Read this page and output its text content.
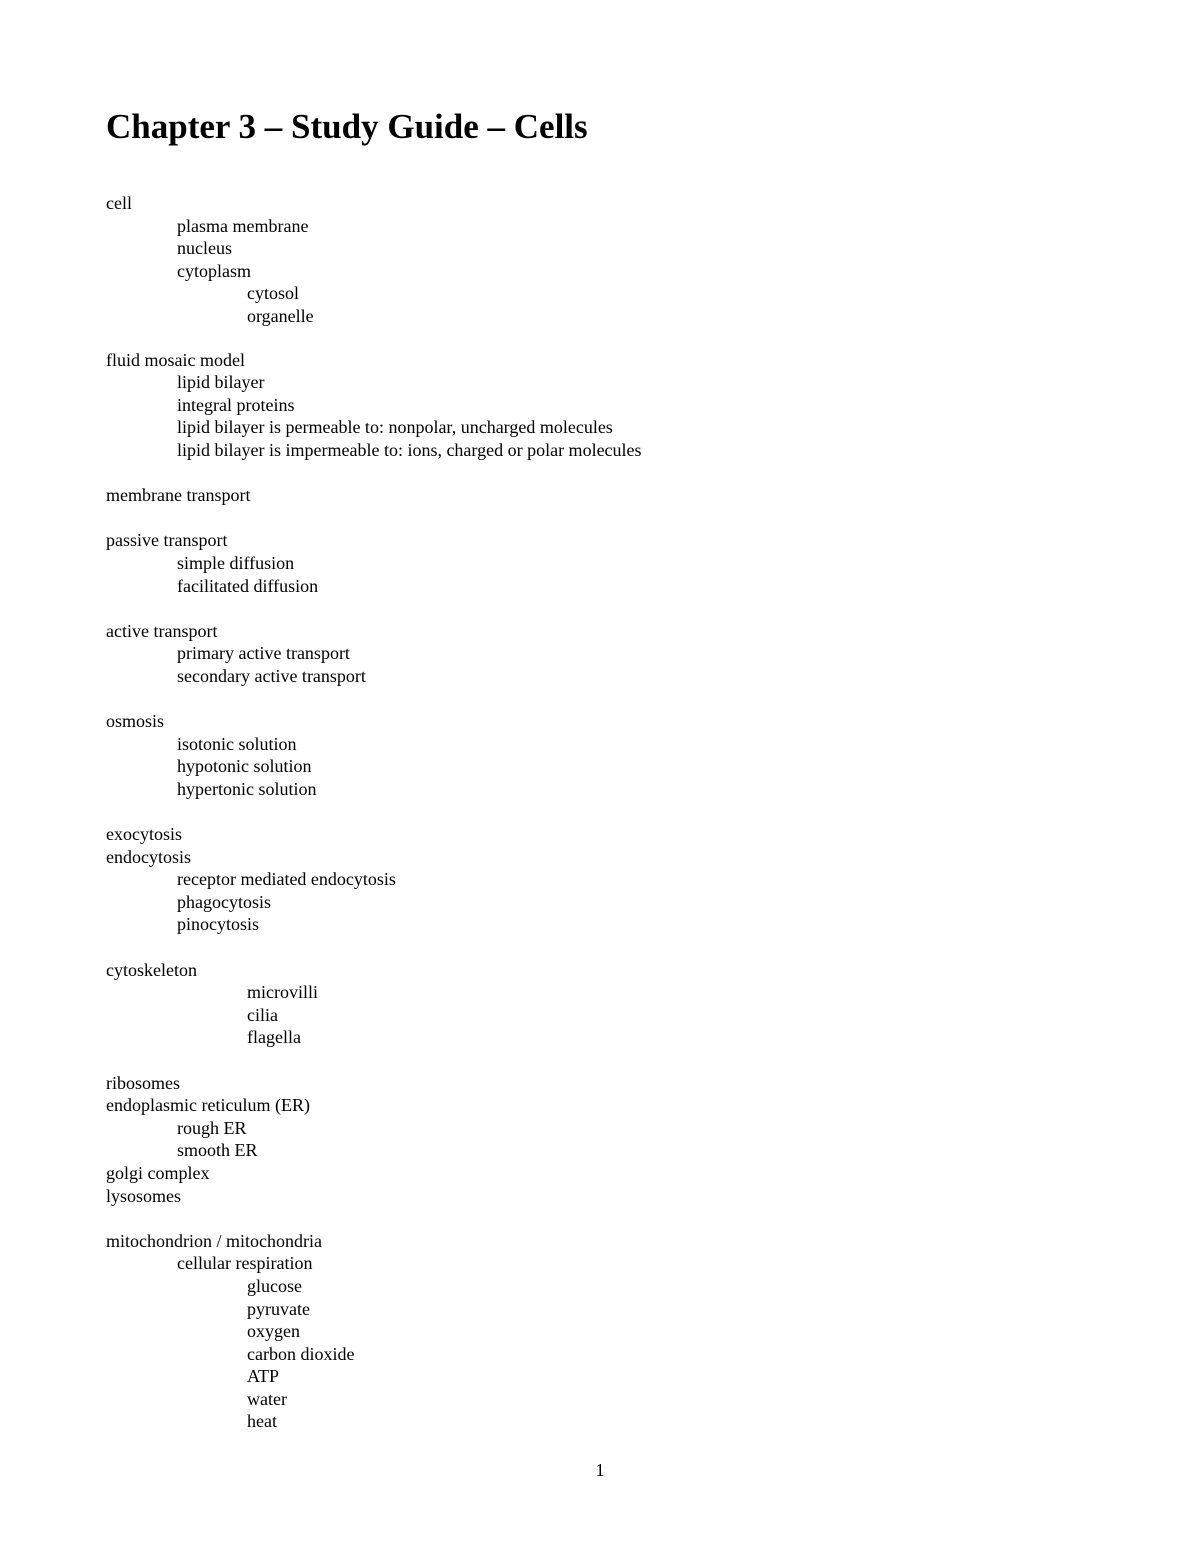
Chapter 3 – Study Guide – Cells
cell
plasma membrane
nucleus
cytoplasm
cytosol
organelle
fluid mosaic model
lipid bilayer
integral proteins
lipid bilayer is permeable to: nonpolar, uncharged molecules
lipid bilayer is impermeable to: ions, charged or polar molecules
membrane transport
passive transport
simple diffusion
facilitated diffusion
active transport
primary active transport
secondary active transport
osmosis
isotonic solution
hypotonic solution
hypertonic solution
exocytosis
endocytosis
receptor mediated endocytosis
phagocytosis
pinocytosis
cytoskeleton
microvilli
cilia
flagella
ribosomes
endoplasmic reticulum (ER)
rough ER
smooth ER
golgi complex
lysosomes
mitochondrion / mitochondria
cellular respiration
glucose
pyruvate
oxygen
carbon dioxide
ATP
water
heat
1
